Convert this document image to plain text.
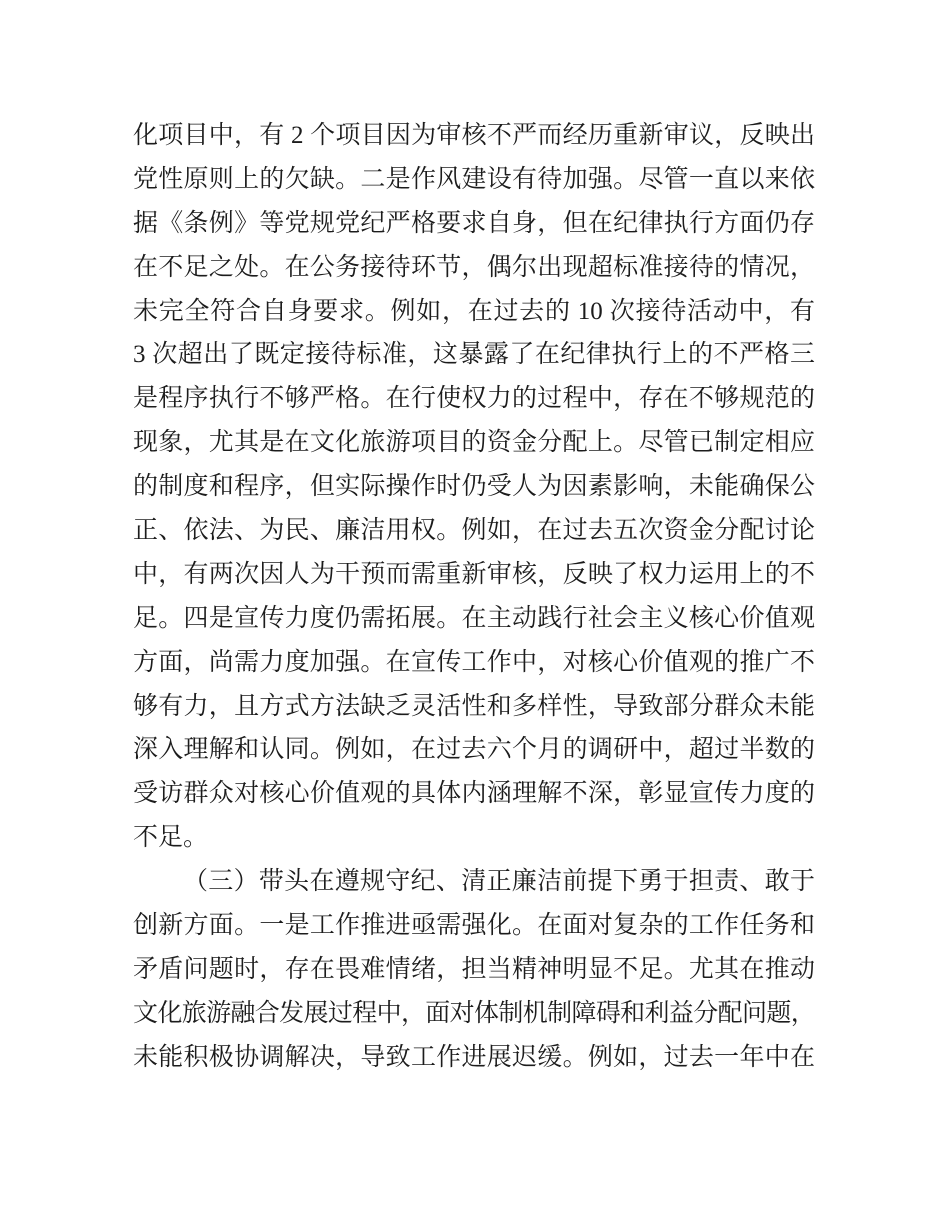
化项目中，有 2 个项目因为审核不严而经历重新审议，反映出
党性原则上的欠缺。二是作风建设有待加强。尽管一直以来依
据《条例》等党规党纪严格要求自身，但在纪律执行方面仍存
在不足之处。在公务接待环节，偶尔出现超标准接待的情况，
未完全符合自身要求。例如，在过去的 10 次接待活动中，有
3 次超出了既定接待标准，这暴露了在纪律执行上的不严格三
是程序执行不够严格。在行使权力的过程中，存在不够规范的
现象，尤其是在文化旅游项目的资金分配上。尽管已制定相应
的制度和程序，但实际操作时仍受人为因素影响，未能确保公
正、依法、为民、廉洁用权。例如，在过去五次资金分配讨论
中，有两次因人为干预而需重新审核，反映了权力运用上的不
足。四是宣传力度仍需拓展。在主动践行社会主义核心价值观
方面，尚需力度加强。在宣传工作中，对核心价值观的推广不
够有力，且方式方法缺乏灵活性和多样性，导致部分群众未能
深入理解和认同。例如，在过去六个月的调研中，超过半数的
受访群众对核心价值观的具体内涵理解不深，彰显宣传力度的
不足。
（三）带头在遵规守纪、清正廉洁前提下勇于担责、敢于
创新方面。一是工作推进亟需强化。在面对复杂的工作任务和
矛盾问题时，存在畏难情绪，担当精神明显不足。尤其在推动
文化旅游融合发展过程中，面对体制机制障碍和利益分配问题，
未能积极协调解决，导致工作进展迟缓。例如，过去一年中在
